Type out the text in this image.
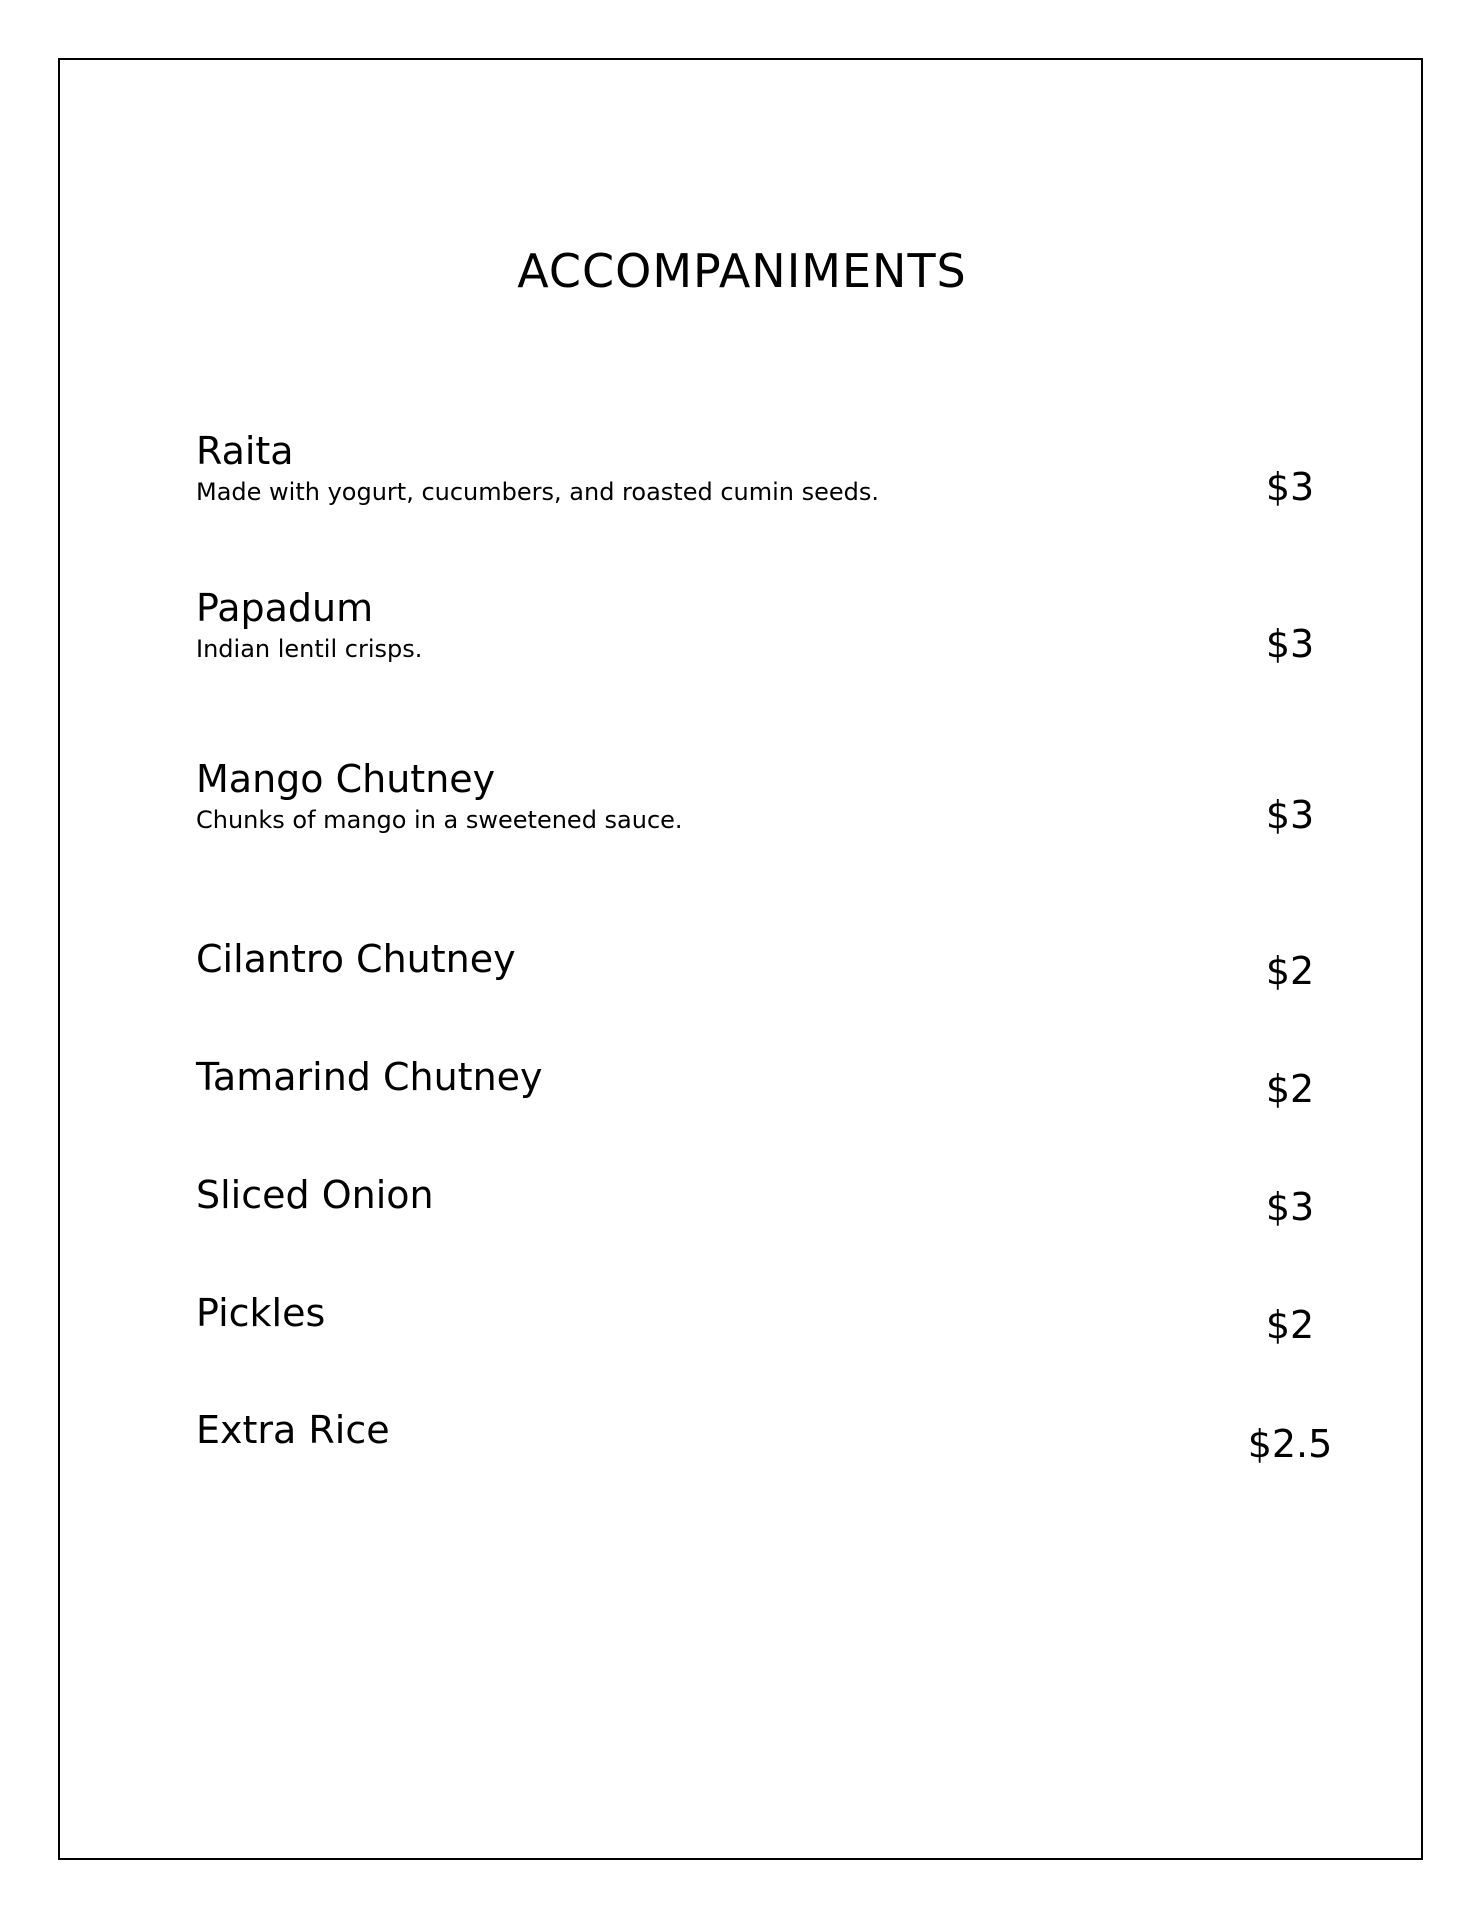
ACCOMPANIMENTS
Raita
Made with yogurt, cucumbers, and roasted cumin seeds.	$3
Papadum
Indian lentil crisps.	$3
Mango Chutney
Chunks of mango in a sweetened sauce.	$3
Cilantro Chutney	$2
Tamarind Chutney	$2
Sliced Onion	$3
Pickles	$2
Extra Rice	$2.5
